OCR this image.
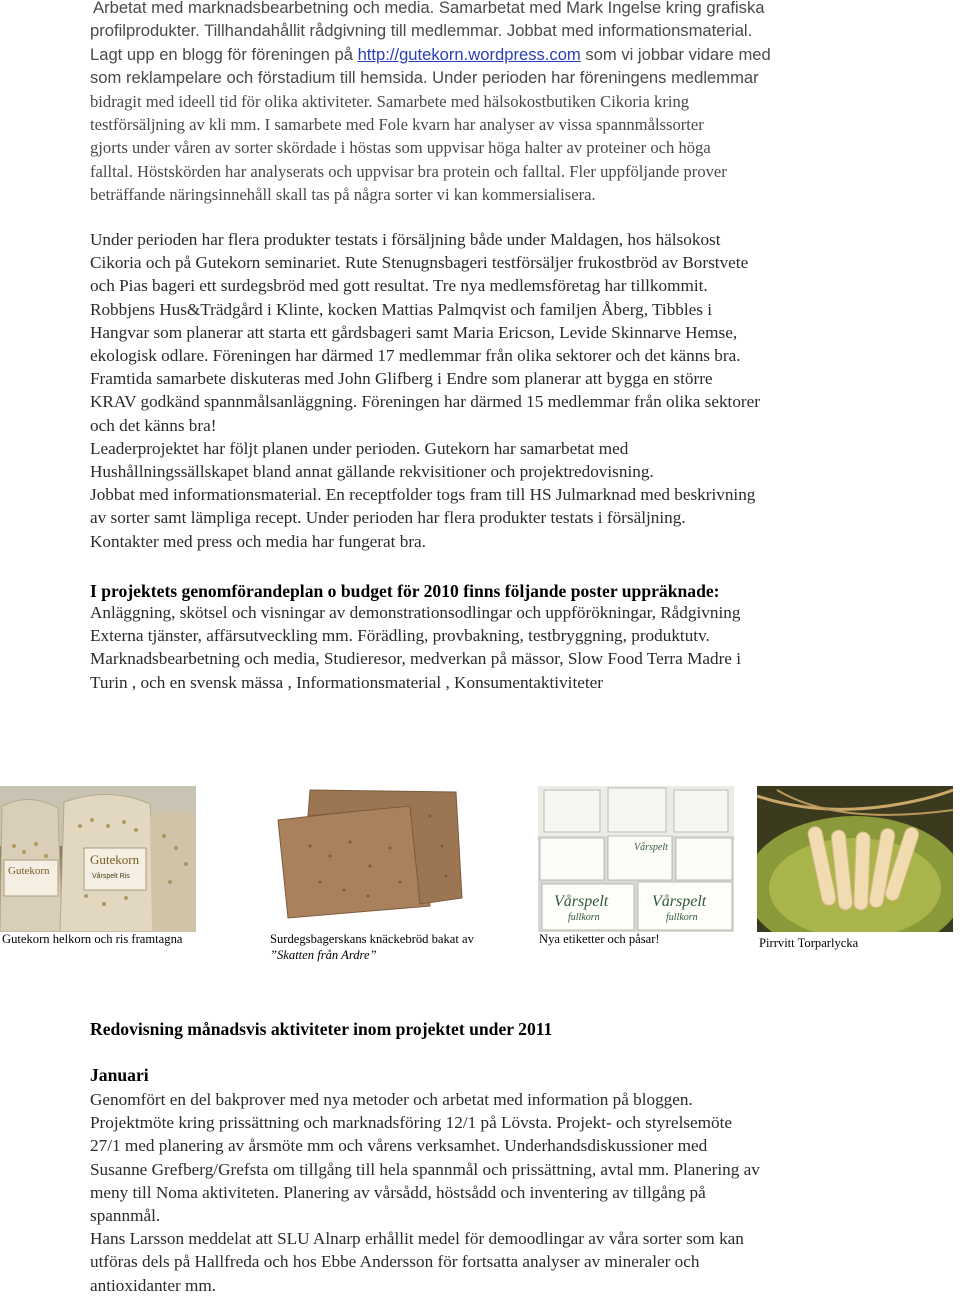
Arbetat med marknadsbearbetning och media. Samarbetat med Mark Ingelse kring grafiska
profilprodukter. Tillhandahållit rådgivning till medlemmar. Jobbat med informationsmaterial.
Lagt upp en blogg för föreningen på http://gutekorn.wordpress.com som vi jobbar vidare med
som reklampelare och förstadium till hemsida. Under perioden har föreningens medlemmar
bidragit med ideell tid för olika aktiviteter. Samarbete med hälsokostbutiken Cikoria kring
testförsäljning av kli mm. I samarbete med Fole kvarn har analyser av vissa spannmålssorter
gjorts under våren av sorter skördade i höstas som uppvisar höga halter av proteiner och höga
falltal. Höstskörden har analyserats och uppvisar bra protein och falltal. Fler uppföljande prover
beträffande näringsinnehåll skall tas på några sorter vi kan kommersialisera.
Under perioden har flera produkter testats i försäljning både under Maldagen, hos hälsokost
Cikoria och på Gutekorn seminariet. Rute Stenugnsbageri testförsäljer frukostbröd av Borstvete
och Pias bageri ett surdegsbröd med gott resultat. Tre nya medlemsföretag har tillkommit.
Robbjens Hus&Trädgård i Klinte, kocken Mattias Palmqvist och familjen Åberg, Tibbles i
Hangvar som planerar att starta ett gårdsbageri samt Maria Ericson, Levide Skinnarve Hemse,
ekologisk odlare. Föreningen har därmed 17 medlemmar från olika sektorer och det känns bra.
Framtida samarbete diskuteras med John Glifberg i Endre som planerar att bygga en större
KRAV godkänd spannmålsanläggning. Föreningen har därmed 15 medlemmar från olika sektorer
och det känns bra!
Leaderprojektet har följt planen under perioden. Gutekorn har samarbetat med
Hushållningssällskapet bland annat gällande rekvisitioner och projektredovisning.
Jobbat med informationsmaterial. En receptfolder togs fram till HS Julmarknad med beskrivning
av sorter samt lämpliga recept. Under perioden har flera produkter testats i försäljning.
Kontakter med press och media har fungerat bra.
I projektets genomförandeplan o budget för 2010 finns följande poster uppräknade:
Anläggning, skötsel och visningar av demonstrationsodlingar och uppförökningar, Rådgivning
Externa tjänster, affärsutveckling mm. Förädling, provbakning, testbryggning, produktutv.
Marknadsbearbetning och media, Studieresor, medverkan på mässor, Slow Food Terra Madre i
Turin , och en svensk mässa , Informationsmaterial , Konsumentaktiviteter
Gutekorn
Gutekorn
Vårspelt Ris
Gutekorn helkorn och ris framtagna	Surdegsbagerskans knäckebröd bakat av
”Skatten från Ardre”
Vårspelt
Vårspelt
fullkorn
Vårspelt
fullkorn
Nya etiketter och påsar!	Pirrvitt Torparlycka
Redovisning månadsvis aktiviteter inom projektet under 2011
Januari
Genomfört en del bakprover med nya metoder och arbetat med information på bloggen.
Projektmöte kring prissättning och marknadsföring 12/1 på Lövsta. Projekt- och styrelsemöte
27/1 med planering av årsmöte mm och vårens verksamhet. Underhandsdiskussioner med
Susanne Grefberg/Grefsta om tillgång till hela spannmål och prissättning, avtal mm. Planering av
meny till Noma aktiviteten. Planering av vårsådd, höstsådd och inventering av tillgång på
spannmål.
Hans Larsson meddelat att SLU Alnarp erhållit medel för demoodlingar av våra sorter som kan
utföras dels på Hallfreda och hos Ebbe Andersson för fortsatta analyser av mineraler och
antioxidanter mm.
